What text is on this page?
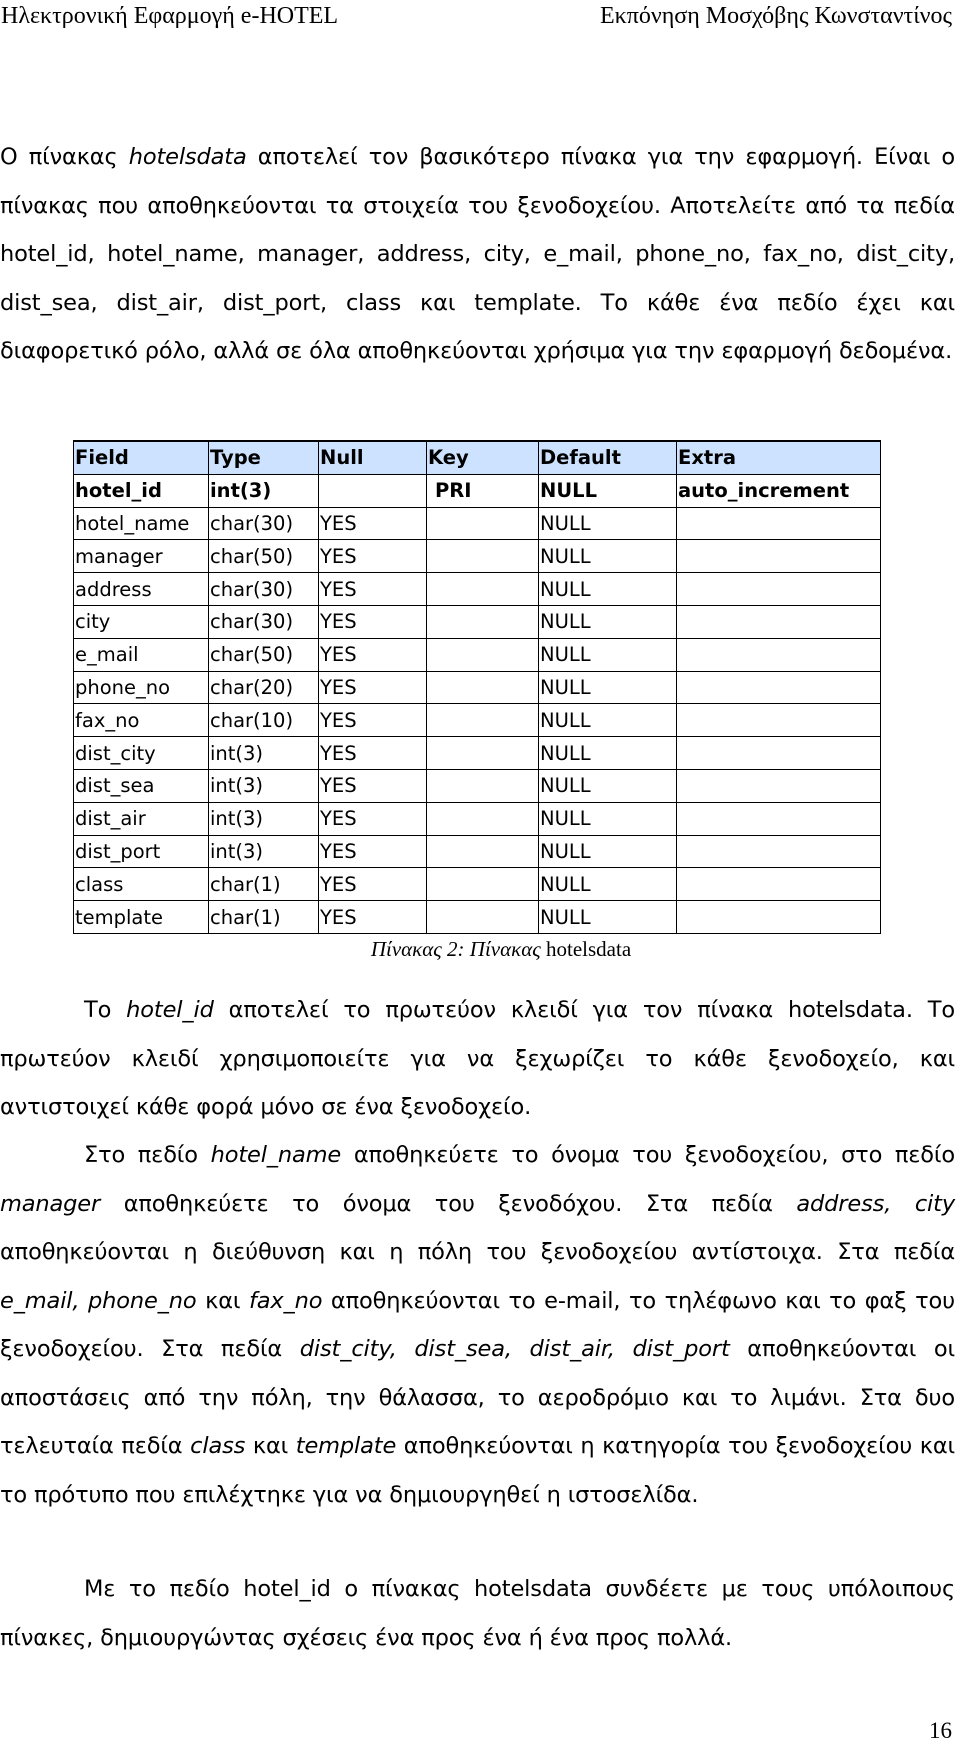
Ηλεκτρονική Εφαρμογή e-HOTEL	Εκπόνηση Μοσχόβης Κωνσταντίνος
Ο πίνακας hotelsdata αποτελεί τον βασικότερο πίνακα για την εφαρμογή. Είναι ο πίνακας που αποθηκεύονται τα στοιχεία του ξενοδοχείου. Αποτελείτε από τα πεδία hotel_id, hotel_name, manager, address, city, e_mail, phone_no, fax_no, dist_city, dist_sea, dist_air, dist_port, class και template. Το κάθε ένα πεδίο έχει και διαφορετικό ρόλο, αλλά σε όλα αποθηκεύονται χρήσιμα για την εφαρμογή δεδομένα.
Field	Type	Null	Key	Default	Extra
hotel_id	int(3)		PRI	NULL	auto_increment
hotel_name	char(30)	YES		NULL	
manager	char(50)	YES		NULL	
address	char(30)	YES		NULL	
city	char(30)	YES		NULL	
e_mail	char(50)	YES		NULL	
phone_no	char(20)	YES		NULL	
fax_no	char(10)	YES		NULL	
dist_city	int(3)	YES		NULL	
dist_sea	int(3)	YES		NULL	
dist_air	int(3)	YES		NULL	
dist_port	int(3)	YES		NULL	
class	char(1)	YES		NULL	
template	char(1)	YES		NULL	
Πίνακας 2: Πίνακας hotelsdata
Το hotel_id αποτελεί το πρωτεύον κλειδί για τον πίνακα hotelsdata. Το πρωτεύον κλειδί χρησιμοποιείτε για να ξεχωρίζει το κάθε ξενοδοχείο, και αντιστοιχεί κάθε φορά μόνο σε ένα ξενοδοχείο.
Στο πεδίο hotel_name αποθηκεύετε το όνομα του ξενοδοχείου, στο πεδίο manager αποθηκεύετε το όνομα του ξενοδόχου. Στα πεδία address, city αποθηκεύονται η διεύθυνση και η πόλη του ξενοδοχείου αντίστοιχα. Στα πεδία e_mail, phone_no και fax_no αποθηκεύονται το e-mail, το τηλέφωνο και το φαξ του ξενοδοχείου. Στα πεδία dist_city, dist_sea, dist_air, dist_port αποθηκεύονται οι αποστάσεις από την πόλη, την θάλασσα, το αεροδρόμιο και το λιμάνι. Στα δυο τελευταία πεδία class και template αποθηκεύονται η κατηγορία του ξενοδοχείου και το πρότυπο που επιλέχτηκε για να δημιουργηθεί η ιστοσελίδα.
Με το πεδίο hotel_id ο πίνακας hotelsdata συνδέετε με τους υπόλοιπους πίνακες, δημιουργώντας σχέσεις ένα προς ένα ή ένα προς πολλά.
16
